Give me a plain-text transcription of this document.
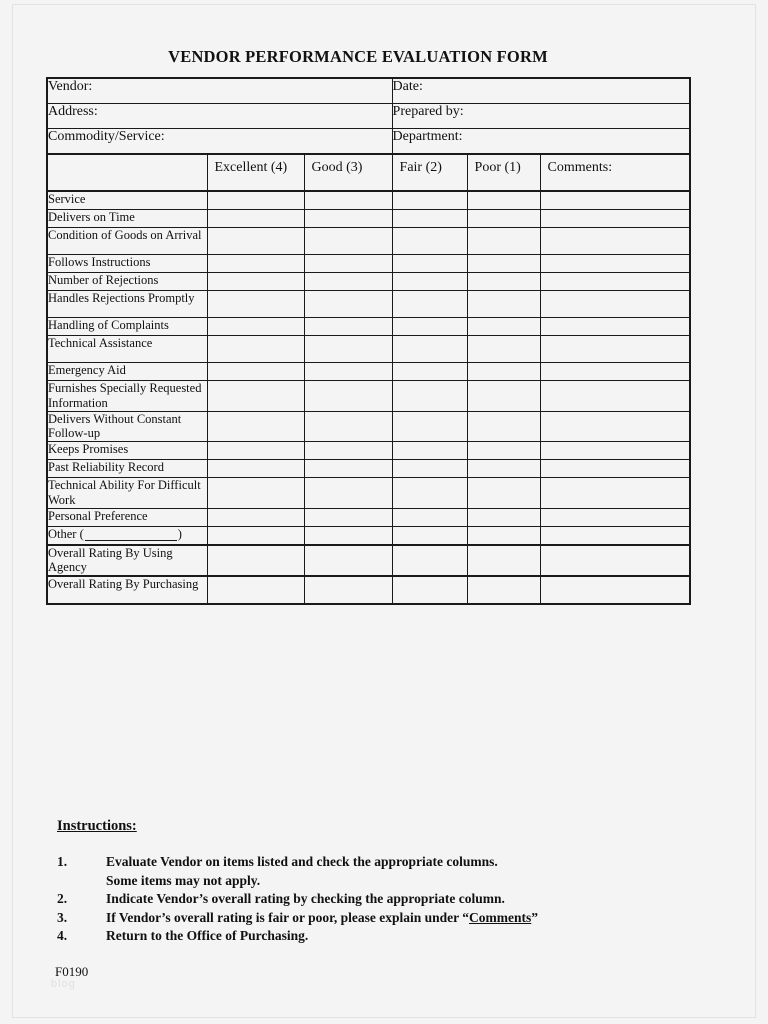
VENDOR PERFORMANCE EVALUATION FORM
Vendor:			Date:		
Address:			Prepared by:		
Commodity/Service:			Department:		
	Excellent (4)	Good (3)	Fair (2)	Poor (1)	Comments:
Service					
Delivers on Time					
Condition of Goods on Arrival					
Follows Instructions					
Number of Rejections					
Handles Rejections Promptly					
Handling of Complaints					
Technical Assistance					
Emergency Aid					
Furnishes Specially Requested Information					
Delivers Without Constant Follow-up					
Keeps Promises					
Past Reliability Record					
Technical Ability For Difficult Work					
Personal Preference					
Other ( )					
Overall Rating By Using Agency					
Overall Rating By Purchasing					
Instructions:
1.	Evaluate Vendor on items listed and check the appropriate columns.
Some items may not apply.
2.	Indicate Vendor’s overall rating by checking the appropriate column.
3.	If Vendor’s overall rating is fair or poor, please explain under “Comments”
4.	Return to the Office of Purchasing.
F0190
blog
